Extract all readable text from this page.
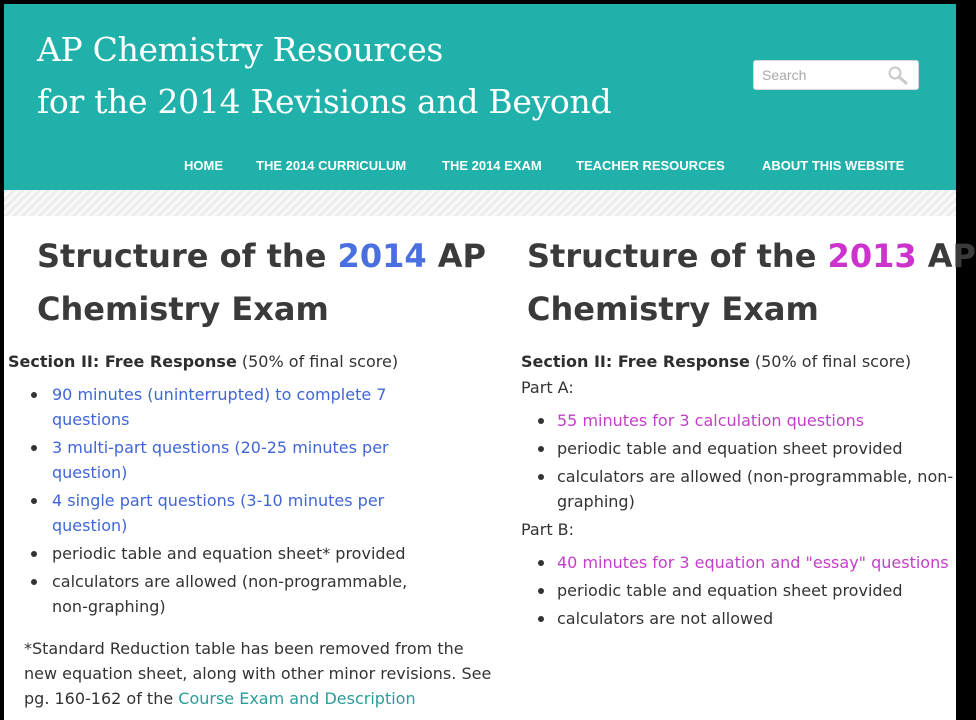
AP Chemistry Resources
for the 2014 Revisions and Beyond
Search
HOME	THE 2014 CURRICULUM	THE 2014 EXAM	TEACHER RESOURCES	ABOUT THIS WEBSITE
Structure of the 2014 AP
Chemistry Exam

Section II: Free Response (50% of final score)

90 minutes (uninterrupted) to complete 7 questions
3 multi-part questions (20-25 minutes per question)
4 single part questions (3-10 minutes per question)
periodic table and equation sheet* provided
calculators are allowed (non-programmable, non-graphing)
Structure of the 2013 AP
Chemistry Exam

Section II: Free Response (50% of final score)

Part A:
55 minutes for 3 calculation questions
periodic table and equation sheet provided
calculators are allowed (non-programmable, non-graphing)
Part B:
40 minutes for 3 equation and "essay" questions
periodic table and equation sheet provided
calculators are not allowed
*Standard Reduction table has been removed from the new equation sheet, along with other minor revisions. See pg. 160-162 of the Course Exam and Description
